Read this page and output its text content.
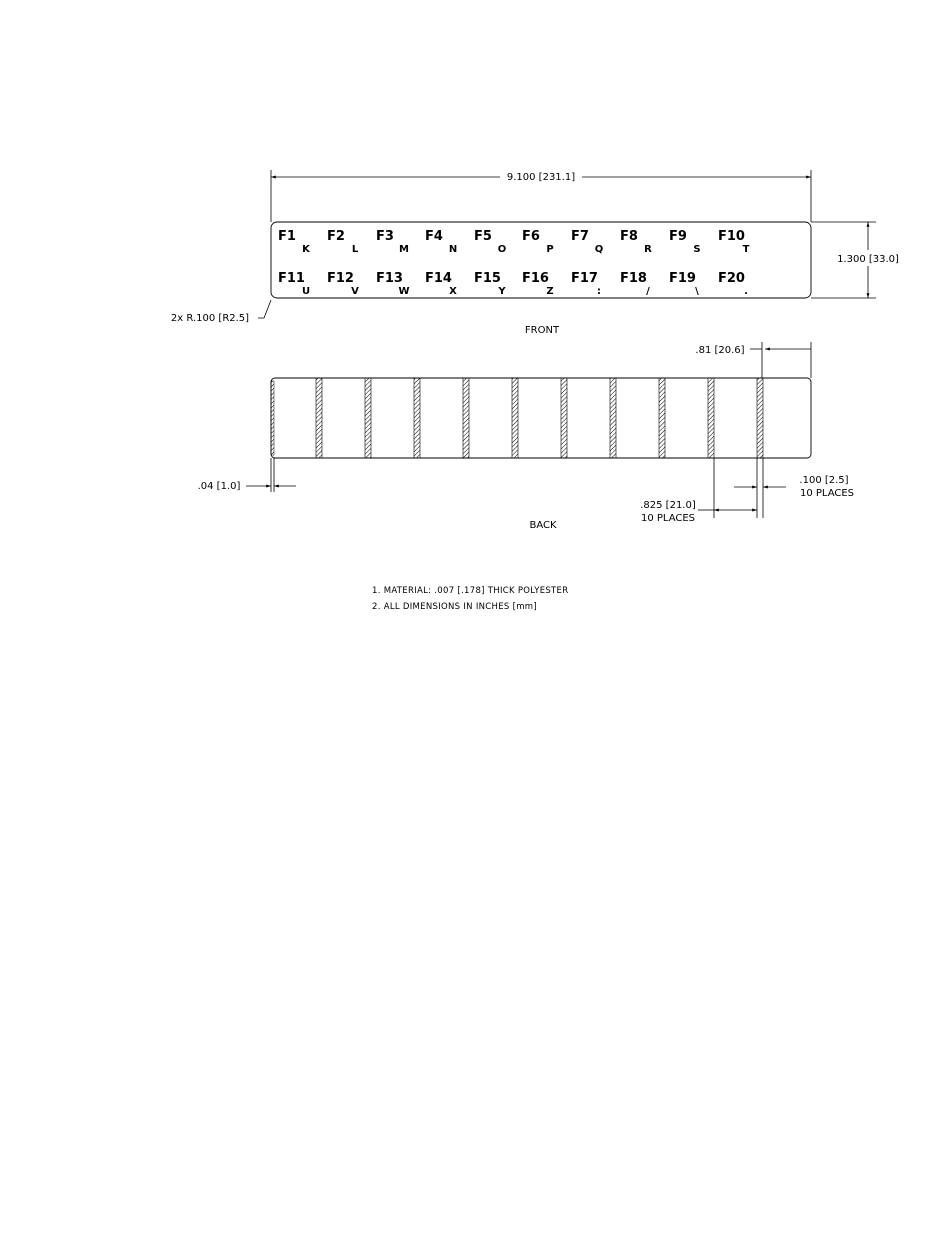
9.100 [231.1]
1.300 [33.0]
2x R.100 [R2.5]
F1
K
F2
L
F3
M
F4
N
F5
O
F6
P
F7
Q
F8
R
F9
S
F10
T
F11
U
F12
V
F13
W
F14
X
F15
Y
F16
Z
F17
:
F18
/
F19
\
F20
.
FRONT
.81 [20.6]
.04 [1.0]
.100 [2.5]
10 PLACES
.825 [21.0]
10 PLACES
BACK
1. MATERIAL: .007 [.178] THICK POLYESTER
2. ALL DIMENSIONS IN INCHES [mm]
